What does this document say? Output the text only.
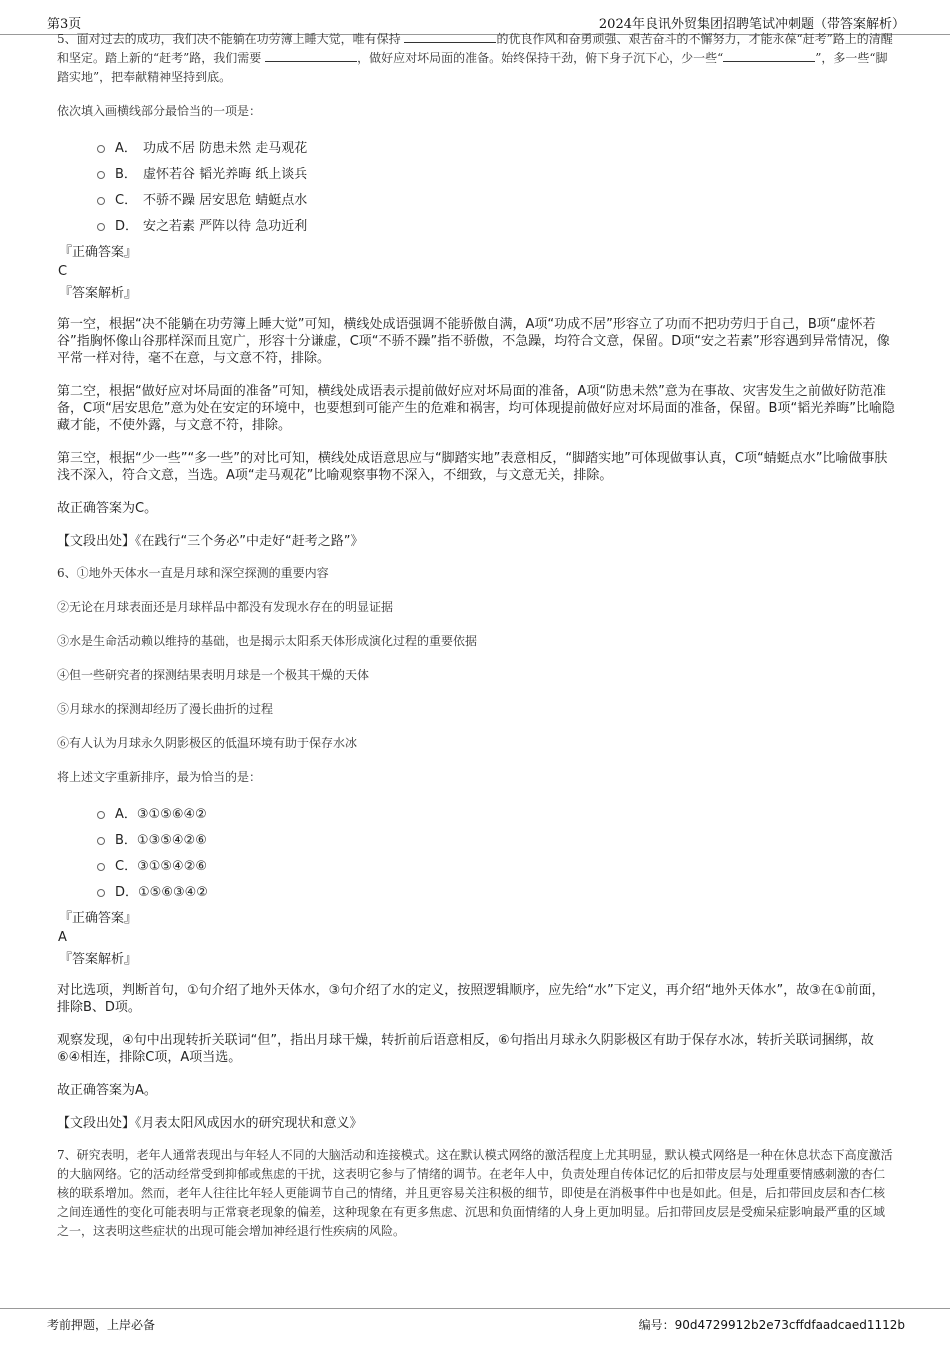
第3页	2024年良讯外贸集团招聘笔试冲刺题（带答案解析）

5、面对过去的成功，我们决不能躺在功劳簿上睡大觉，唯有保持	的优良作风和奋勇顽强、艰苦奋斗的不懈努力，才能永葆“赶考”路上的清醒和坚定。踏上新的“赶考”路，我们需要	，做好应对坏局面的准备。始终保持干劲，俯下身子沉下心，少一些“	”，多一些“脚踏实地”，把奉献精神坚持到底。

依次填入画横线部分最恰当的一项是：

A． 功成不居 防患未然 走马观花
B． 虚怀若谷 韬光养晦 纸上谈兵
C． 不骄不躁 居安思危 蜻蜓点水
D． 安之若素 严阵以待 急功近利

『正确答案』

C

『答案解析』

第一空，根据“决不能躺在功劳簿上睡大觉”可知，横线处成语强调不能骄傲自满，A项“功成不居”形容立了功而不把功劳归于自己，B项“虚怀若谷”指胸怀像山谷那样深而且宽广，形容十分谦虚，C项“不骄不躁”指不骄傲，不急躁，均符合文意，保留。D项“安之若素”形容遇到异常情况，像平常一样对待，毫不在意，与文意不符，排除。

第二空，根据“做好应对坏局面的准备”可知，横线处成语表示提前做好应对坏局面的准备，A项“防患未然”意为在事故、灾害发生之前做好防范准备，C项“居安思危”意为处在安定的环境中，也要想到可能产生的危难和祸害，均可体现提前做好应对坏局面的准备，保留。B项“韬光养晦”比喻隐藏才能，不使外露，与文意不符，排除。

第三空，根据“少一些”“多一些”的对比可知，横线处成语意思应与“脚踏实地”表意相反，“脚踏实地”可体现做事认真，C项“蜻蜓点水”比喻做事肤浅不深入，符合文意，当选。A项“走马观花”比喻观察事物不深入，不细致，与文意无关，排除。

故正确答案为C。

【文段出处】《在践行“三个务必”中走好“赶考之路”》

6、①地外天体水一直是月球和深空探测的重要内容

②无论在月球表面还是月球样品中都没有发现水存在的明显证据

③水是生命活动赖以维持的基础，也是揭示太阳系天体形成演化过程的重要依据

④但一些研究者的探测结果表明月球是一个极其干燥的天体

⑤月球水的探测却经历了漫长曲折的过程

⑥有人认为月球永久阴影极区的低温环境有助于保存水冰

将上述文字重新排序，最为恰当的是：

A．③①⑤⑥④②
B．①③⑤④②⑥
C．③①⑤④②⑥
D．①⑤⑥③④②

『正确答案』

A

『答案解析』

对比选项，判断首句，①句介绍了地外天体水，③句介绍了水的定义，按照逻辑顺序，应先给“水”下定义，再介绍“地外天体水”，故③在①前面，排除B、D项。

观察发现，④句中出现转折关联词“但”，指出月球干燥，转折前后语意相反，⑥句指出月球永久阴影极区有助于保存水冰，转折关联词捆绑，故⑥④相连，排除C项，A项当选。

故正确答案为A。

【文段出处】《月表太阳风成因水的研究现状和意义》

7、研究表明，老年人通常表现出与年轻人不同的大脑活动和连接模式。这在默认模式网络的激活程度上尤其明显，默认模式网络是一种在休息状态下高度激活的大脑网络。它的活动经常受到抑郁或焦虑的干扰，这表明它参与了情绪的调节。在老年人中，负责处理自传体记忆的后扣带皮层与处理重要情感刺激的杏仁核的联系增加。然而，老年人往往比年轻人更能调节自己的情绪，并且更容易关注积极的细节，即使是在消极事件中也是如此。但是，后扣带回皮层和杏仁核之间连通性的变化可能表明与正常衰老现象的偏差，这种现象在有更多焦虑、沉思和负面情绪的人身上更加明显。后扣带回皮层是受痴呆症影响最严重的区域之一，这表明这些症状的出现可能会增加神经退行性疾病的风险。

考前押题，上岸必备	编号：90d4729912b2e73cffdfaadcaed1112b
